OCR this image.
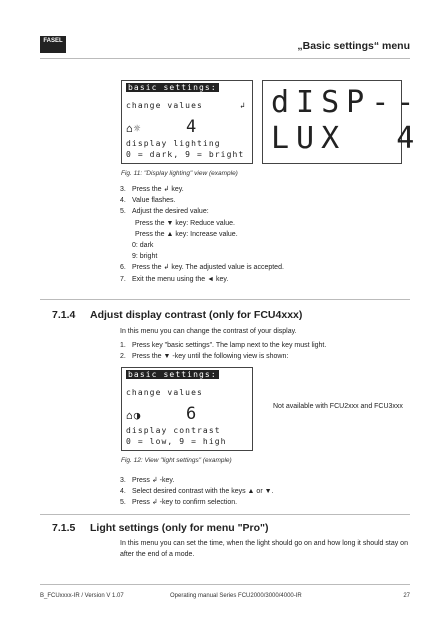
FASEL	„Basic settings“ menu
basic settings:
change values	↲
⌂☼	4
display lighting
0 = dark, 9 = bright
dISP--
LUX  4
Fig. 11: "Display lighting" view (example)
3. Press the ↲ key.
4. Value flashes.
5. Adjust the desired value:
Press the ▼ key: Reduce value.
Press the ▲ key: Increase value.
0: dark
9: bright
6. Press the ↲ key. The adjusted value is accepted.
7. Exit the menu using the ◄ key.
7.1.4 Adjust display contrast (only for FCU4xxx)
In this menu you can change the contrast of your display.
1. Press key "basic settings". The lamp next to the key must light.
2. Press the ▼ -key until the following view is shown:
basic settings:
change values
⌂◑	6
display contrast
0 = low, 9 = high
Not available with FCU2xxx and FCU3xxx
Fig. 12: View "light settings" (example)
3. Press ↲ -key.
4. Select desired contrast with the keys ▲ or ▼.
5. Press ↲ -key to confirm selection.
7.1.5 Light settings (only for menu "Pro")
In this menu you can set the time, when the light should go on and how long it should stay on after the end of a mode.
B_FCUxxxx-IR / Version V 1.07	Operating manual Series FCU2000/3000/4000-IR	27
